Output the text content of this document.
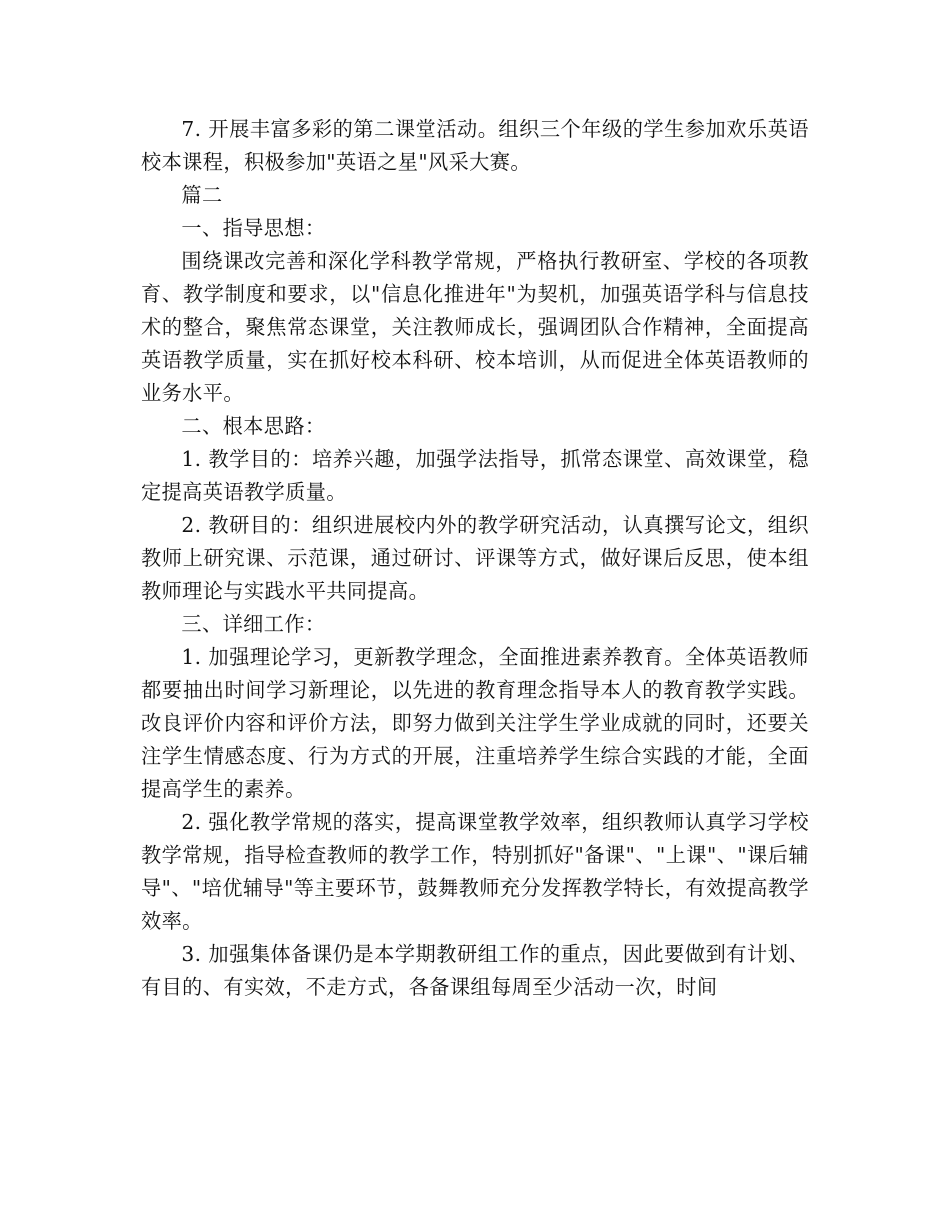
7. 开展丰富多彩的第二课堂活动。组织三个年级的学生参加欢乐英语校本课程，积极参加"英语之星"风采大赛。

篇二

一、指导思想：

围绕课改完善和深化学科教学常规，严格执行教研室、学校的各项教育、教学制度和要求，以"信息化推进年"为契机，加强英语学科与信息技术的整合，聚焦常态课堂，关注教师成长，强调团队合作精神，全面提高英语教学质量，实在抓好校本科研、校本培训，从而促进全体英语教师的业务水平。

二、根本思路：

1. 教学目的：培养兴趣，加强学法指导，抓常态课堂、高效课堂，稳定提高英语教学质量。

2. 教研目的：组织进展校内外的教学研究活动，认真撰写论文，组织教师上研究课、示范课，通过研讨、评课等方式，做好课后反思，使本组教师理论与实践水平共同提高。

三、详细工作：

1. 加强理论学习，更新教学理念，全面推进素养教育。全体英语教师都要抽出时间学习新理论，以先进的教育理念指导本人的教育教学实践。改良评价内容和评价方法，即努力做到关注学生学业成就的同时，还要关注学生情感态度、行为方式的开展，注重培养学生综合实践的才能，全面提高学生的素养。

2. 强化教学常规的落实，提高课堂教学效率，组织教师认真学习学校教学常规，指导检查教师的教学工作，特别抓好"备课"、"上课"、"课后辅导"、"培优辅导"等主要环节，鼓舞教师充分发挥教学特长，有效提高教学效率。

3. 加强集体备课仍是本学期教研组工作的重点，因此要做到有计划、有目的、有实效，不走方式，各备课组每周至少活动一次，时间
